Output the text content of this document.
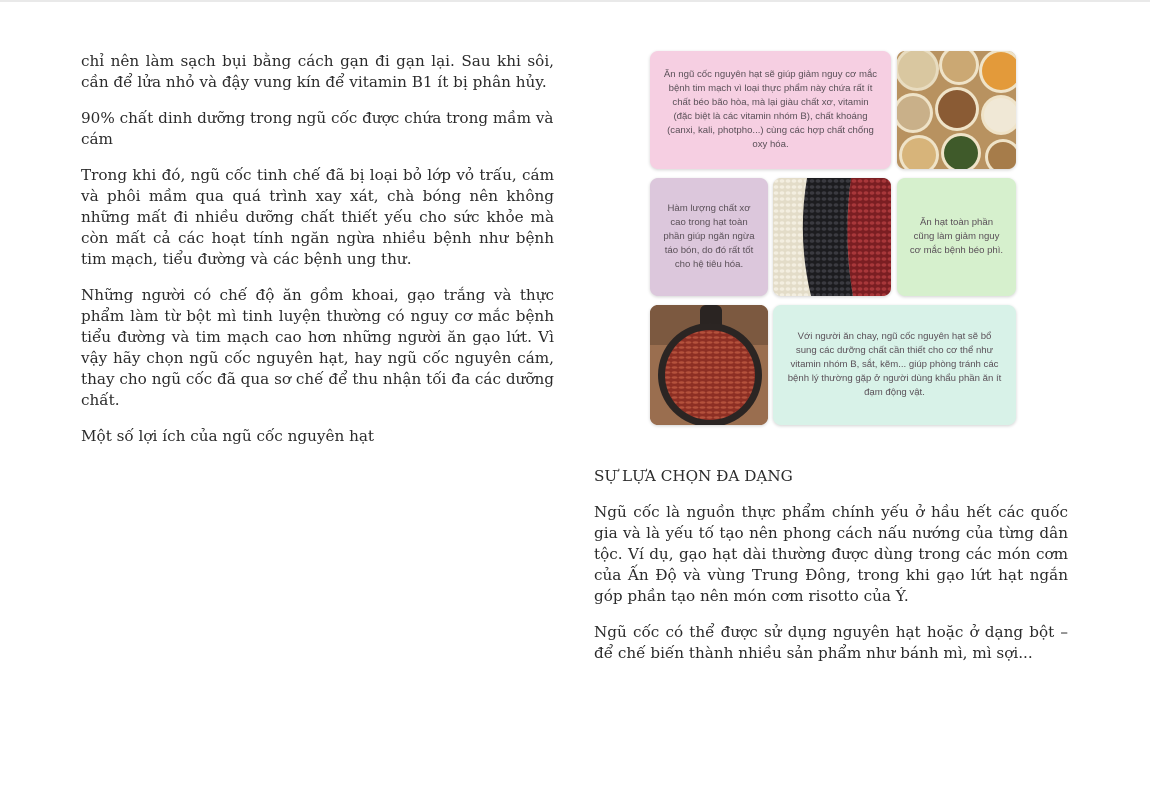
chỉ nên làm sạch bụi bằng cách gạn đi gạn lại. Sau khi sôi, cần để lửa nhỏ và đậy vung kín để vitamin B1 ít bị phân hủy.

90% chất dinh dưỡng trong ngũ cốc được chứa trong mầm và cám

Trong khi đó, ngũ cốc tinh chế đã bị loại bỏ lớp vỏ trấu, cám và phôi mầm qua quá trình xay xát, chà bóng nên không những mất đi nhiều dưỡng chất thiết yếu cho sức khỏe mà còn mất cả các hoạt tính ngăn ngừa nhiều bệnh như bệnh tim mạch, tiểu đường và các bệnh ung thư.

Những người có chế độ ăn gồm khoai, gạo trắng và thực phẩm làm từ bột mì tinh luyện thường có nguy cơ mắc bệnh tiểu đường và tim mạch cao hơn những người ăn gạo lứt. Vì vậy hãy chọn ngũ cốc nguyên hạt, hay ngũ cốc nguyên cám, thay cho ngũ cốc đã qua sơ chế để thu nhận tối đa các dưỡng chất.

Một số lợi ích của ngũ cốc nguyên hạt

Ăn ngũ cốc nguyên hạt sẽ giúp giảm nguy cơ mắc bệnh tim mạch vì loại thực phẩm này chứa rất ít chất béo bão hòa, mà lại giàu chất xơ, vitamin (đặc biệt là các vitamin nhóm B), chất khoáng (canxi, kali, photpho...) cùng các hợp chất chống oxy hóa.
Hàm lượng chất xơ cao trong hạt toàn phần giúp ngăn ngừa táo bón, do đó rất tốt cho hệ tiêu hóa.
Ăn hạt toàn phần cũng làm giảm nguy cơ mắc bệnh béo phì.
Với người ăn chay, ngũ cốc nguyên hạt sẽ bổ sung các dưỡng chất cần thiết cho cơ thể như vitamin nhóm B, sắt, kẽm... giúp phòng tránh các bệnh lý thường gặp ở người dùng khẩu phần ăn ít đạm động vật.

SỰ LỰA CHỌN ĐA DẠNG

Ngũ cốc là nguồn thực phẩm chính yếu ở hầu hết các quốc gia và là yếu tố tạo nên phong cách nấu nướng của từng dân tộc. Ví dụ, gạo hạt dài thường được dùng trong các món cơm của Ấn Độ và vùng Trung Đông, trong khi gạo lứt hạt ngắn góp phần tạo nên món cơm risotto của Ý.

Ngũ cốc có thể được sử dụng nguyên hạt hoặc ở dạng bột – để chế biến thành nhiều sản phẩm như bánh mì, mì sợi...
